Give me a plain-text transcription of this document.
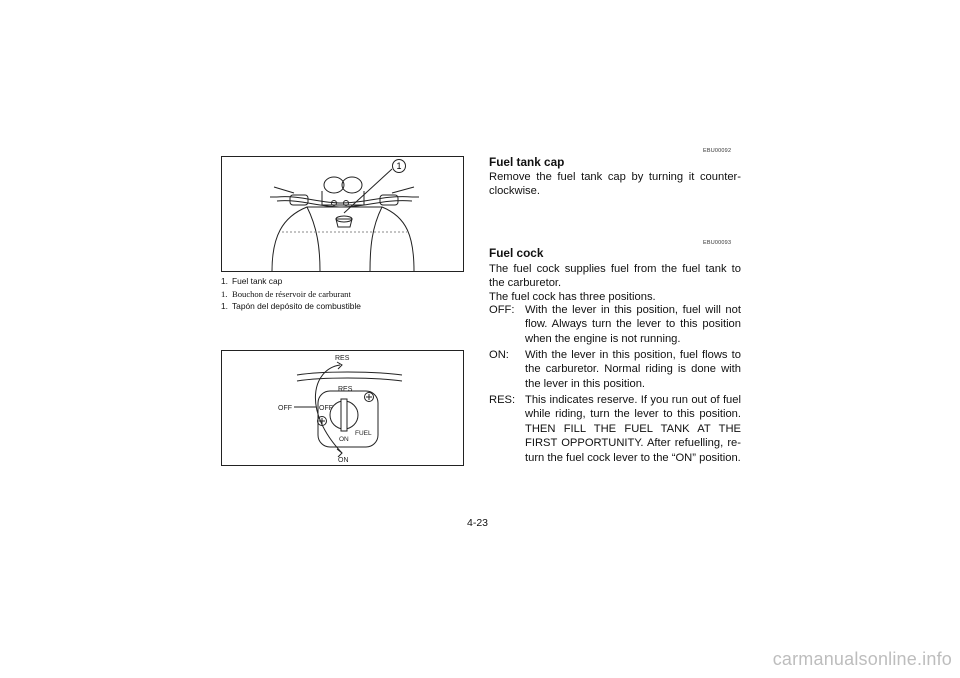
1
1. Fuel tank cap
1. Bouchon de réservoir de carburant
1. Tapón del depósito de combustible
RES
RES
OFF	OFF
ON
ON
FUEL
EBU00092
Fuel tank cap
Remove the fuel tank cap by turning it counter-clockwise.
EBU00093
Fuel cock
The fuel cock supplies fuel from the fuel tank to the carburetor.
The fuel cock has three positions.
OFF: With the lever in this position, fuel will not flow. Always turn the lever to this position when the engine is not running.
ON: With the lever in this position, fuel flows to the carburetor. Normal riding is done with the lever in this position.
RES: This indicates reserve. If you run out of fuel while riding, turn the lever to this position. THEN FILL THE FUEL TANK AT THE FIRST OPPORTUNITY. After refuelling, re-turn the fuel cock lever to the “ON” position.
4-23
carmanualsonline.info
